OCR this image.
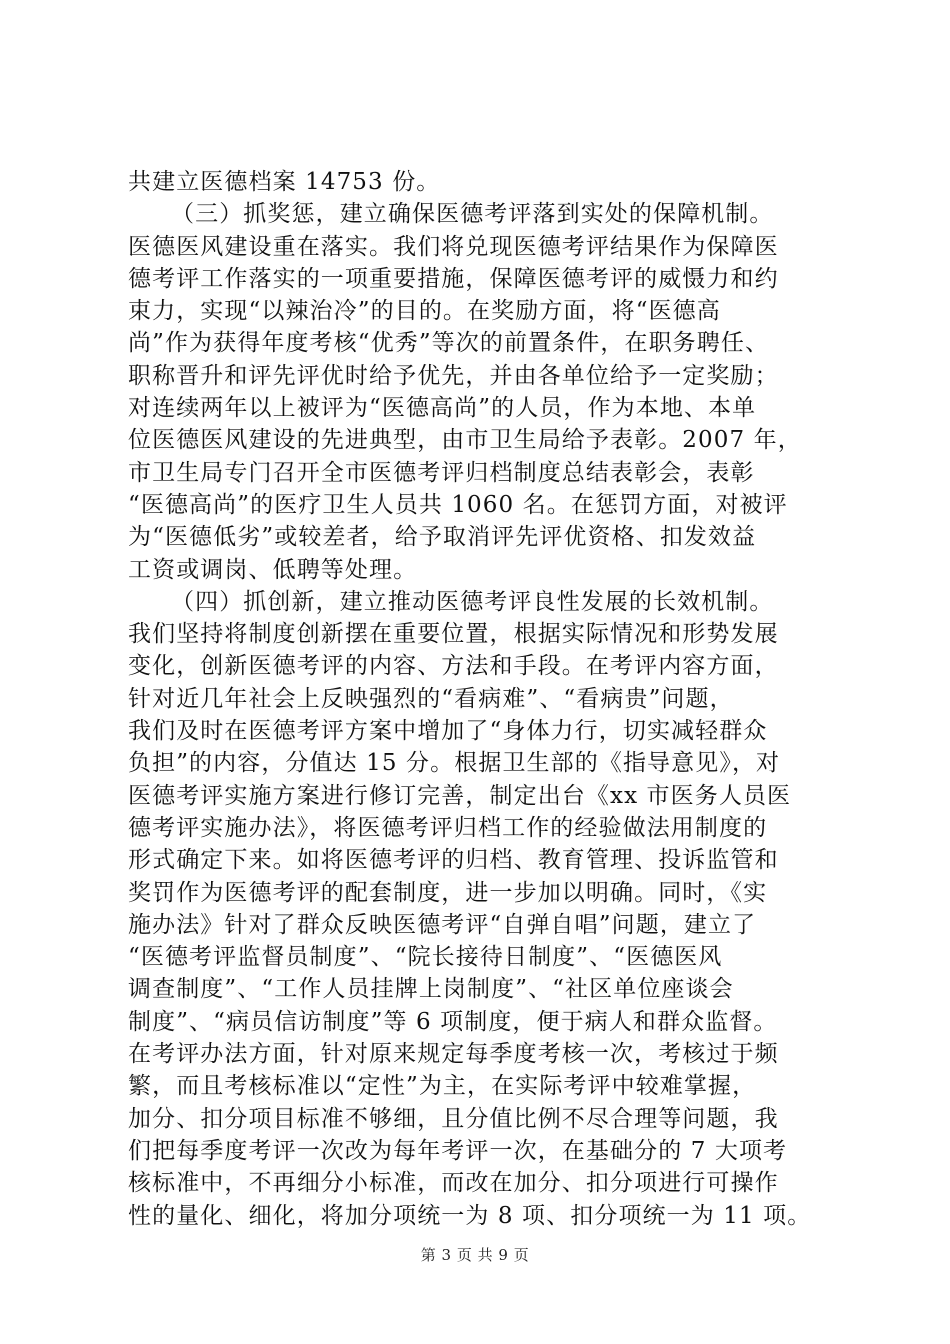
共建立医德档案 14753 份。
（三）抓奖惩，建立确保医德考评落到实处的保障机制。
医德医风建设重在落实。我们将兑现医德考评结果作为保障医
德考评工作落实的一项重要措施，保障医德考评的威慑力和约
束力，实现“以辣治冷”的目的。在奖励方面，将“医德高
尚”作为获得年度考核“优秀”等次的前置条件，在职务聘任、
职称晋升和评先评优时给予优先，并由各单位给予一定奖励；
对连续两年以上被评为“医德高尚”的人员，作为本地、本单
位医德医风建设的先进典型，由市卫生局给予表彰。2007 年，
市卫生局专门召开全市医德考评归档制度总结表彰会，表彰
“医德高尚”的医疗卫生人员共 1060 名。在惩罚方面，对被评
为“医德低劣”或较差者，给予取消评先评优资格、扣发效益
工资或调岗、低聘等处理。
（四）抓创新，建立推动医德考评良性发展的长效机制。
我们坚持将制度创新摆在重要位置，根据实际情况和形势发展
变化，创新医德考评的内容、方法和手段。在考评内容方面，
针对近几年社会上反映强烈的“看病难”、“看病贵”问题，
我们及时在医德考评方案中增加了“身体力行，切实减轻群众
负担”的内容，分值达 15 分。根据卫生部的《指导意见》，对
医德考评实施方案进行修订完善，制定出台《xx 市医务人员医
德考评实施办法》，将医德考评归档工作的经验做法用制度的
形式确定下来。如将医德考评的归档、教育管理、投诉监管和
奖罚作为医德考评的配套制度，进一步加以明确。同时，《实
施办法》针对了群众反映医德考评“自弹自唱”问题，建立了
“医德考评监督员制度”、“院长接待日制度”、“医德医风
调查制度”、“工作人员挂牌上岗制度”、“社区单位座谈会
制度”、“病员信访制度”等 6 项制度，便于病人和群众监督。
在考评办法方面，针对原来规定每季度考核一次，考核过于频
繁，而且考核标准以“定性”为主，在实际考评中较难掌握，
加分、扣分项目标准不够细，且分值比例不尽合理等问题，我
们把每季度考评一次改为每年考评一次，在基础分的 7 大项考
核标准中，不再细分小标准，而改在加分、扣分项进行可操作
性的量化、细化，将加分项统一为 8 项、扣分项统一为 11 项。
第 3 页 共 9 页
